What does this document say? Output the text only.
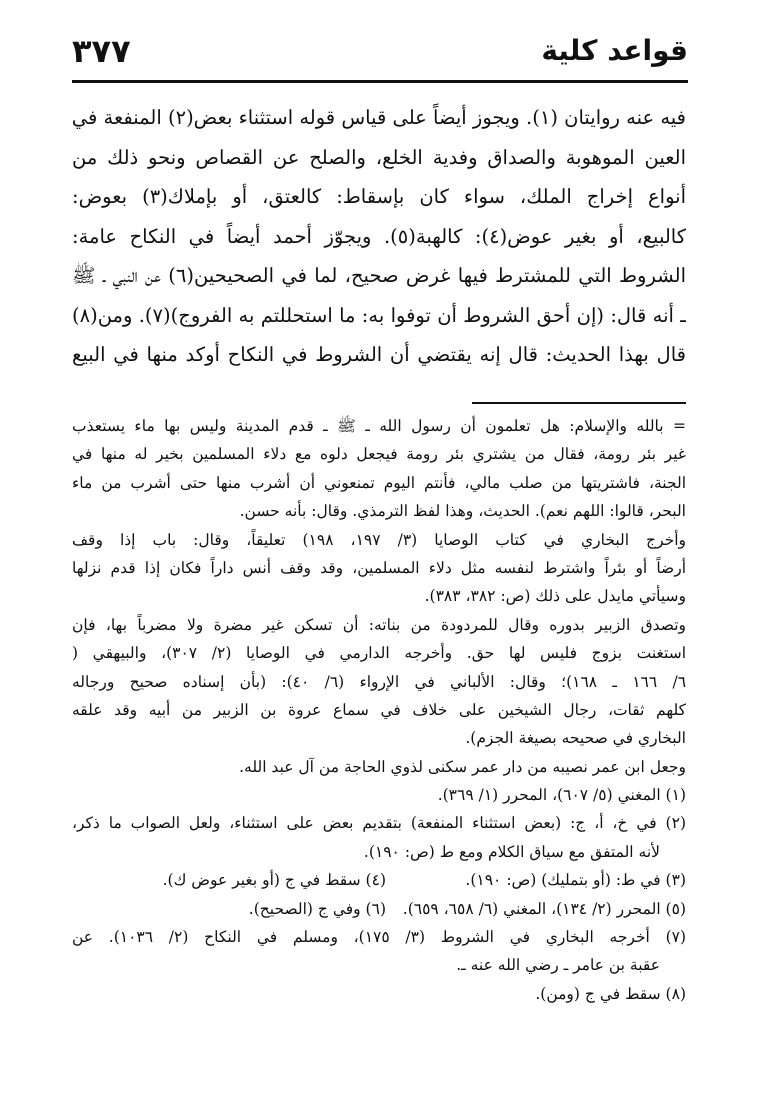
قواعد كلية
٣٧٧
فيه عنه روايتان (١). ويجوز أيضاً على قياس قوله استثناء بعض(٢) المنفعة في
العين الموهوبة والصداق وفدية الخلع، والصلح عن القصاص ونحو ذلك من
أنواع إخراج الملك، سواء كان بإسقاط: كالعتق، أو بإملاك(٣) بعوض:
كالبيع، أو بغير عوض(٤): كالهبة(٥). ويجوّز أحمد أيضاً في النكاح عامة:
الشروط التي للمشترط فيها غرض صحيح، لما في الصحيحين(٦) عن النبي ـ ﷺ
ـ أنه قال: (إن أحق الشروط أن توفوا به: ما استحللتم به الفروج)(٧). ومن(٨)
قال بهذا الحديث: قال إنه يقتضي أن الشروط في النكاح أوكد منها في البيع
= بالله والإسلام: هل تعلمون أن رسول الله ـ ﷺ ـ قدم المدينة وليس بها ماء يستعذب
غير بئر رومة، فقال من يشتري بئر رومة فيجعل دلوه مع دلاء المسلمين بخير له منها في
الجنة، فاشتريتها من صلب مالي، فأنتم اليوم تمنعوني أن أشرب منها حتى أشرب من ماء
البحر، قالوا: اللهم نعم). الحديث، وهذا لفظ الترمذي. وقال: بأنه حسن.
وأخرج البخاري في كتاب الوصايا (٣/ ١٩٧، ١٩٨) تعليقاً، وقال: باب إذا وقف
أرضاً أو بئراً واشترط لنفسه مثل دلاء المسلمين، وقد وقف أنس داراً فكان إذا قدم نزلها
وسيأتي مايدل على ذلك (ص: ٣٨٢، ٣٨٣).
وتصدق الزبير بدوره وقال للمردودة من بناته: أن تسكن غير مضرة ولا مضرباً بها، فإن
استغنت بزوج فليس لها حق. وأخرجه الدارمي في الوصايا (٢/ ٣٠٧)، والبيهقي (
٦/ ١٦٦ ـ ١٦٨)؛ وقال: الألباني في الإرواء (٦/ ٤٠): (بأن إسناده صحيح ورجاله
كلهم ثقات، رجال الشيخين على خلاف في سماع عروة بن الزبير من أبيه وقد علقه
البخاري في صحيحه بصيغة الجزم).
وجعل ابن عمر نصيبه من دار عمر سكنى لذوي الحاجة من آل عبد الله.
(١) المغني (٥/ ٦٠٧)، المحرر (١/ ٣٦٩).
(٢) في خ، أ، ج: (بعض استثناء المنفعة) بتقديم بعض على استثناء، ولعل الصواب ما ذكر،
لأنه المتفق مع سياق الكلام ومع ط (ص: ١٩٠).
(٣) في ط: (أو بتمليك) (ص: ١٩٠).
(٤) سقط في ج (أو بغير عوض ك).
(٥) المحرر (٢/ ١٣٤)، المغني (٦/ ٦٥٨، ٦٥٩).
(٦) وفي ج (الصحيح).
(٧) أخرجه البخاري في الشروط (٣/ ١٧٥)، ومسلم في النكاح (٢/ ١٠٣٦). عن
عقبة بن عامر ـ رضي الله عنه ـ.
(٨) سقط في ج (ومن).
